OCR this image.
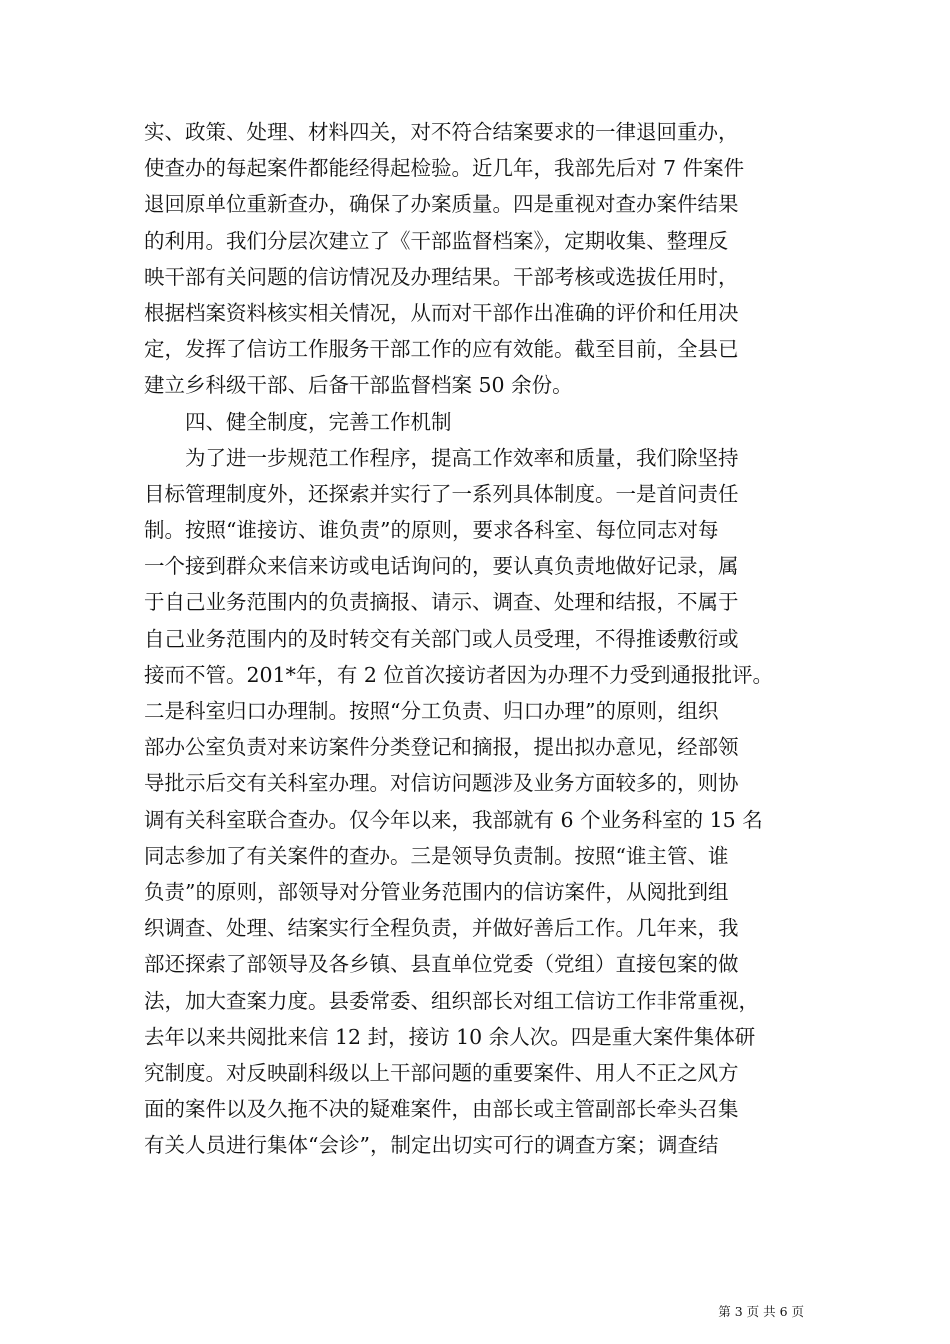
实、政策、处理、材料四关，对不符合结案要求的一律退回重办，
使查办的每起案件都能经得起检验。近几年，我部先后对 7 件案件
退回原单位重新查办，确保了办案质量。四是重视对查办案件结果
的利用。我们分层次建立了《干部监督档案》，定期收集、整理反
映干部有关问题的信访情况及办理结果。干部考核或选拔任用时，
根据档案资料核实相关情况，从而对干部作出准确的评价和任用决
定，发挥了信访工作服务干部工作的应有效能。截至目前，全县已
建立乡科级干部、后备干部监督档案 50 余份。
　　四、健全制度，完善工作机制
　　为了进一步规范工作程序，提高工作效率和质量，我们除坚持
目标管理制度外，还探索并实行了一系列具体制度。一是首问责任
制。按照“谁接访、谁负责”的原则，要求各科室、每位同志对每
一个接到群众来信来访或电话询问的，要认真负责地做好记录，属
于自己业务范围内的负责摘报、请示、调查、处理和结报，不属于
自己业务范围内的及时转交有关部门或人员受理，不得推诿敷衍或
接而不管。201*年，有 2 位首次接访者因为办理不力受到通报批评。
二是科室归口办理制。按照“分工负责、归口办理”的原则，组织
部办公室负责对来访案件分类登记和摘报，提出拟办意见，经部领
导批示后交有关科室办理。对信访问题涉及业务方面较多的，则协
调有关科室联合查办。仅今年以来，我部就有 6 个业务科室的 15 名
同志参加了有关案件的查办。三是领导负责制。按照“谁主管、谁
负责”的原则，部领导对分管业务范围内的信访案件，从阅批到组
织调查、处理、结案实行全程负责，并做好善后工作。几年来，我
部还探索了部领导及各乡镇、县直单位党委（党组）直接包案的做
法，加大查案力度。县委常委、组织部长对组工信访工作非常重视，
去年以来共阅批来信 12 封，接访 10 余人次。四是重大案件集体研
究制度。对反映副科级以上干部问题的重要案件、用人不正之风方
面的案件以及久拖不决的疑难案件，由部长或主管副部长牵头召集
有关人员进行集体“会诊”，制定出切实可行的调查方案；调查结
第 3 页 共 6 页
